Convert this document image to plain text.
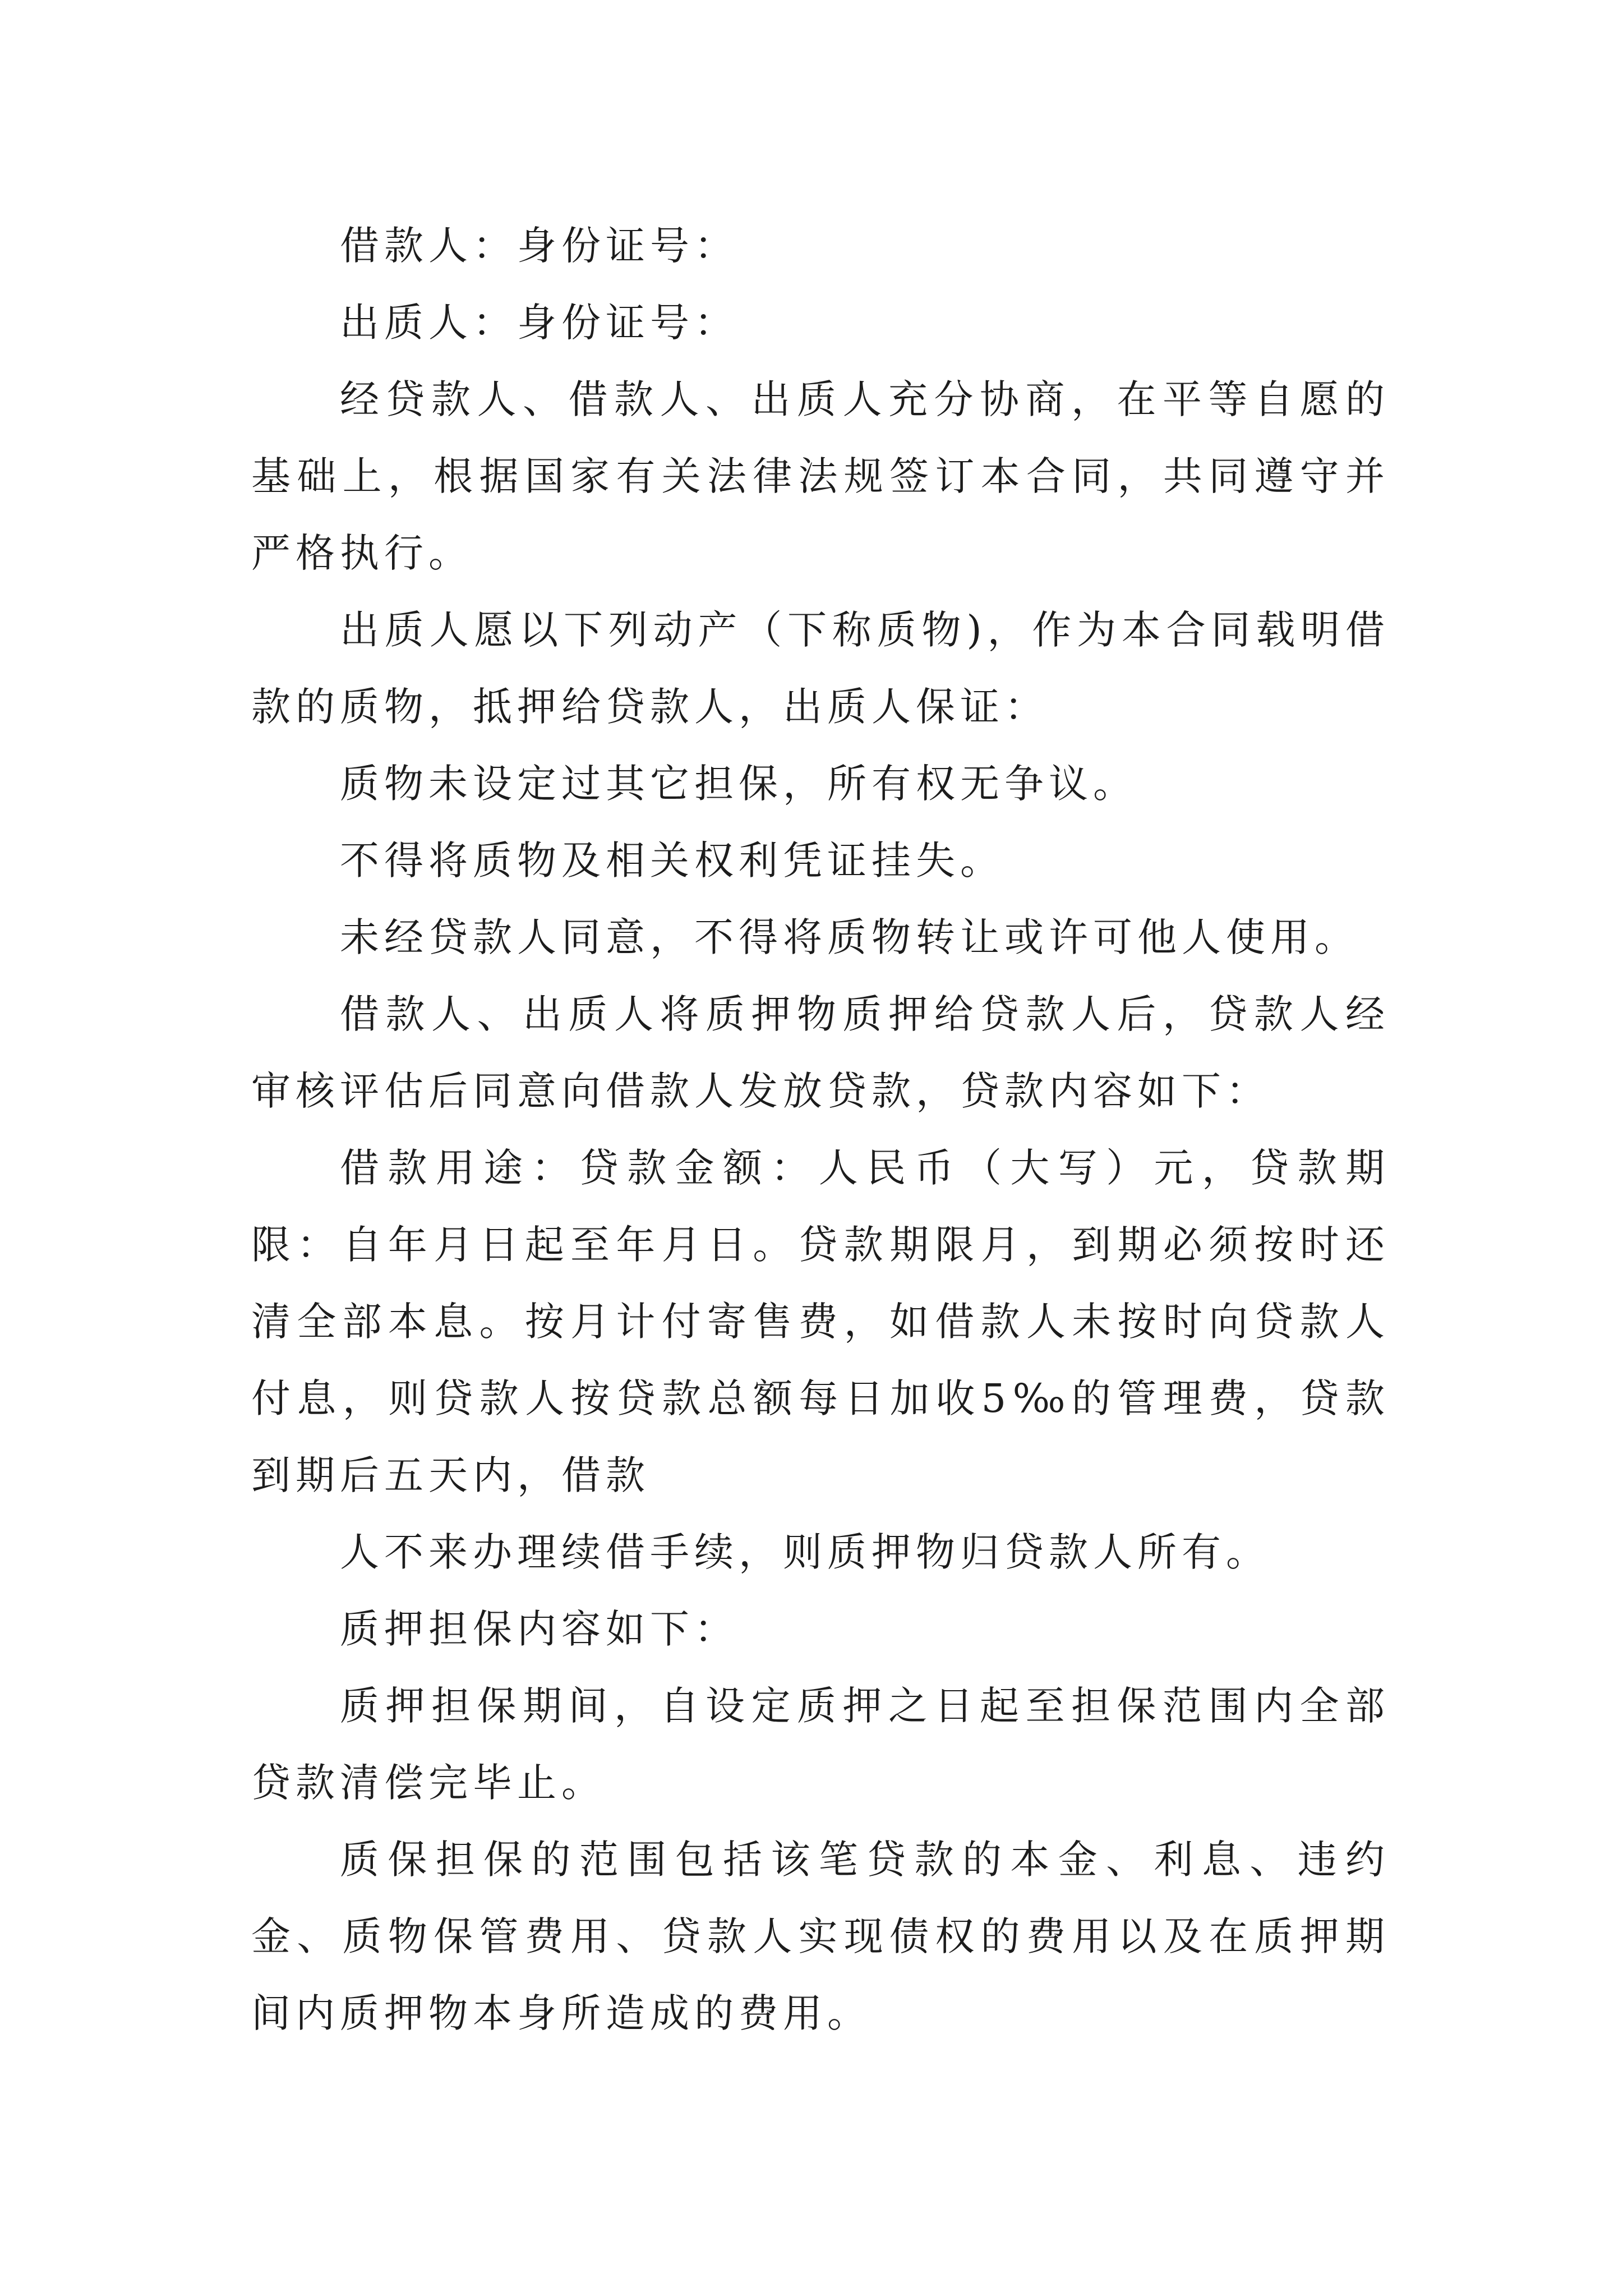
借款人：身份证号：

出质人：身份证号：

经贷款人、借款人、出质人充分协商，在平等自愿的基础上，根据国家有关法律法规签订本合同，共同遵守并严格执行。

出质人愿以下列动产（下称质物)，作为本合同载明借款的质物，抵押给贷款人，出质人保证：

质物未设定过其它担保，所有权无争议。

不得将质物及相关权利凭证挂失。

未经贷款人同意，不得将质物转让或许可他人使用。

借款人、出质人将质押物质押给贷款人后，贷款人经审核评估后同意向借款人发放贷款，贷款内容如下：

借款用途：贷款金额：人民币（大写）元，贷款期限：自年月日起至年月日。贷款期限月，到期必须按时还清全部本息。按月计付寄售费，如借款人未按时向贷款人付息，则贷款人按贷款总额每日加收5‰的管理费，贷款到期后五天内，借款

人不来办理续借手续，则质押物归贷款人所有。

质押担保内容如下：

质押担保期间，自设定质押之日起至担保范围内全部贷款清偿完毕止。

质保担保的范围包括该笔贷款的本金、利息、违约金、质物保管费用、贷款人实现债权的费用以及在质押期间内质押物本身所造成的费用。
